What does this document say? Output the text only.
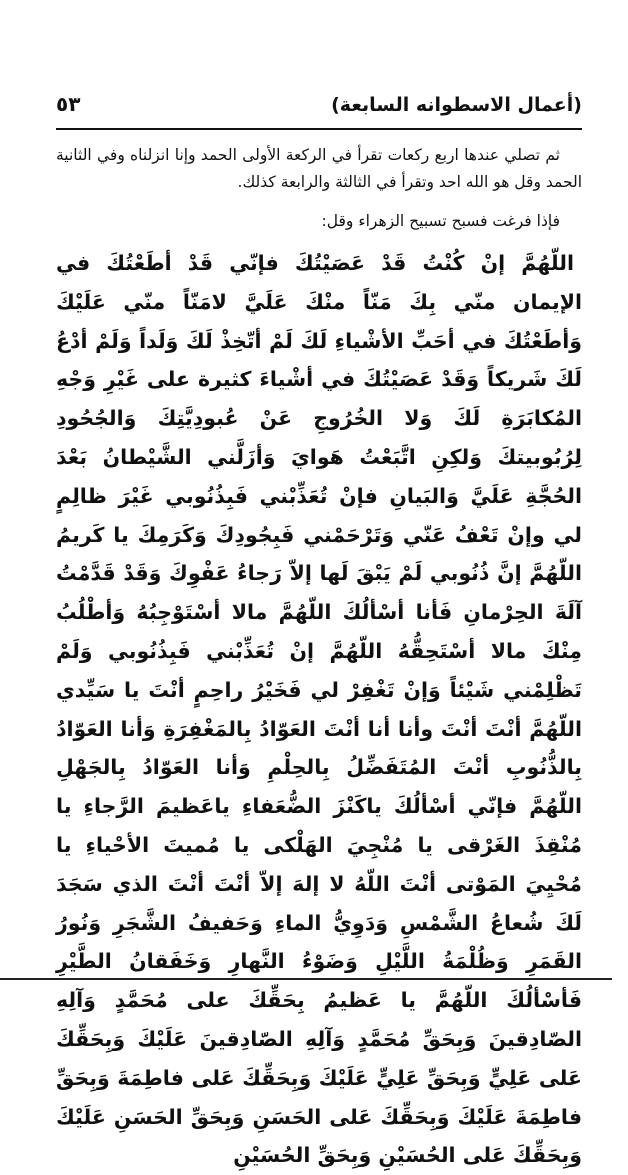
(أعمال الاسطوانه السابعة)
٥٣

ثم تصلي عندها اربع ركعات تقرأ في الركعة الأولى الحمد وإنا انزلناه وفي الثانية الحمد وقل هو الله احد وتقرأ في الثالثة والرابعة كذلك.

فإذا فرغت فسبح تسبيح الزهراء وقل:

اللّهُمَّ إنْ كُنْتُ قَدْ عَصَيْتُكَ فإنّي قَدْ أطَعْتُكَ في الإيمان منّي بِكَ مَنّاً منْكَ عَلَيَّ لامَنّاً منّي عَلَيْكَ وَأطَعْتُكَ في أحَبِّ الأشْياءِ لَكَ لَمْ أتّخِذْ لَكَ وَلَداً وَلَمْ أدْعُ لَكَ شَريكاً وَقَدْ عَصَيْتُكَ في أشْياءَ كثيرة على غَيْرِ وَجْهِ المُكابَرَةِ لَكَ وَلا الخُرُوجِ عَنْ عُبودِيَّتِكَ وَالجُحُودِ لِرُبُوبيتكَ وَلكِنِ اتَّبَعْتُ هَوايَ وَأزَلَّني الشَّيْطانُ بَعْدَ الحُجَّةِ عَلَيَّ وَالبَيانِ فإنْ تُعَذِّبْني فَبِذُنُوبي غَيْرَ ظالِمٍ لي وإنْ تَعْفُ عَنّي وَتَرْحَمْني فَبِجُودِكَ وَكَرَمِكَ يا كَريمُ اللّهُمَّ إنَّ ذُنُوبي لَمْ يَبْقَ لَها إلاّ رَجاءُ عَفْوِكَ وَقَدْ قَدَّمْتُ آلَةَ الحِرْمانِ فَأنا أسْألُكَ اللّهُمَّ مالا أسْتَوْجِبُهُ وَأطْلُبُ مِنْكَ مالا أسْتَحِقُّهُ اللّهُمَّ إنْ تُعَذِّبْني فَبِذُنُوبي وَلَمْ تَظْلِمْني شَيْئاً وَإنْ تَغْفِرْ لي فَخَيْرُ راحِمٍ أنْتَ يا سَيِّدي اللّهُمَّ أنْتَ أنْتَ وأنا أنا أنْتَ العَوّادُ بِالمَغْفِرَةِ وَأنا العَوّادُ بِالذُّنُوبِ أنْتَ المُتَفَضِّلُ بِالحِلْمِ وَأنا العَوّادُ بِالجَهْلِ اللّهُمَّ فإنّي أسْألُكَ ياكَنْزَ الضُّعَفاءِ ياعَظيمَ الرَّجاءِ يا مُنْقِذَ الغَرْقى يا مُنْجِيَ الهَلْكى يا مُميتَ الأحْياءِ يا مُحْيِيَ المَوْتى أنْتَ اللّهُ لا إلهَ إلاّ أنْتَ أنْتَ الذي سَجَدَ لَكَ شُعاعُ الشَّمْسِ وَدَوِيُّ الماءِ وَحَفيفُ الشَّجَرِ وَنُورُ القَمَرِ وَظُلْمَةُ اللَّيْلِ وَضَوْءُ النَّهارِ وَخَفَقانُ الطَّيْرِ فَأسْألُكَ اللّهُمَّ يا عَظيمُ بِحَقِّكَ على مُحَمَّدٍ وَآلِهِ الصّادِقينَ وَبِحَقِّ مُحَمَّدٍ وَآلِهِ الصّادِقينَ عَلَيْكَ وَبِحَقِّكَ عَلى عَلِيٍّ وَبِحَقِّ عَلِيٍّ عَلَيْكَ وَبِحَقِّكَ عَلى فاطِمَةَ وَبِحَقِّ فاطِمَةَ عَلَيْكَ وَبِحَقِّكَ عَلى الحَسَنِ وَبِحَقِّ الحَسَنِ عَلَيْكَ وَبِحَقِّكَ عَلى الحُسَيْنِ وَبِحَقِّ الحُسَيْنِ
